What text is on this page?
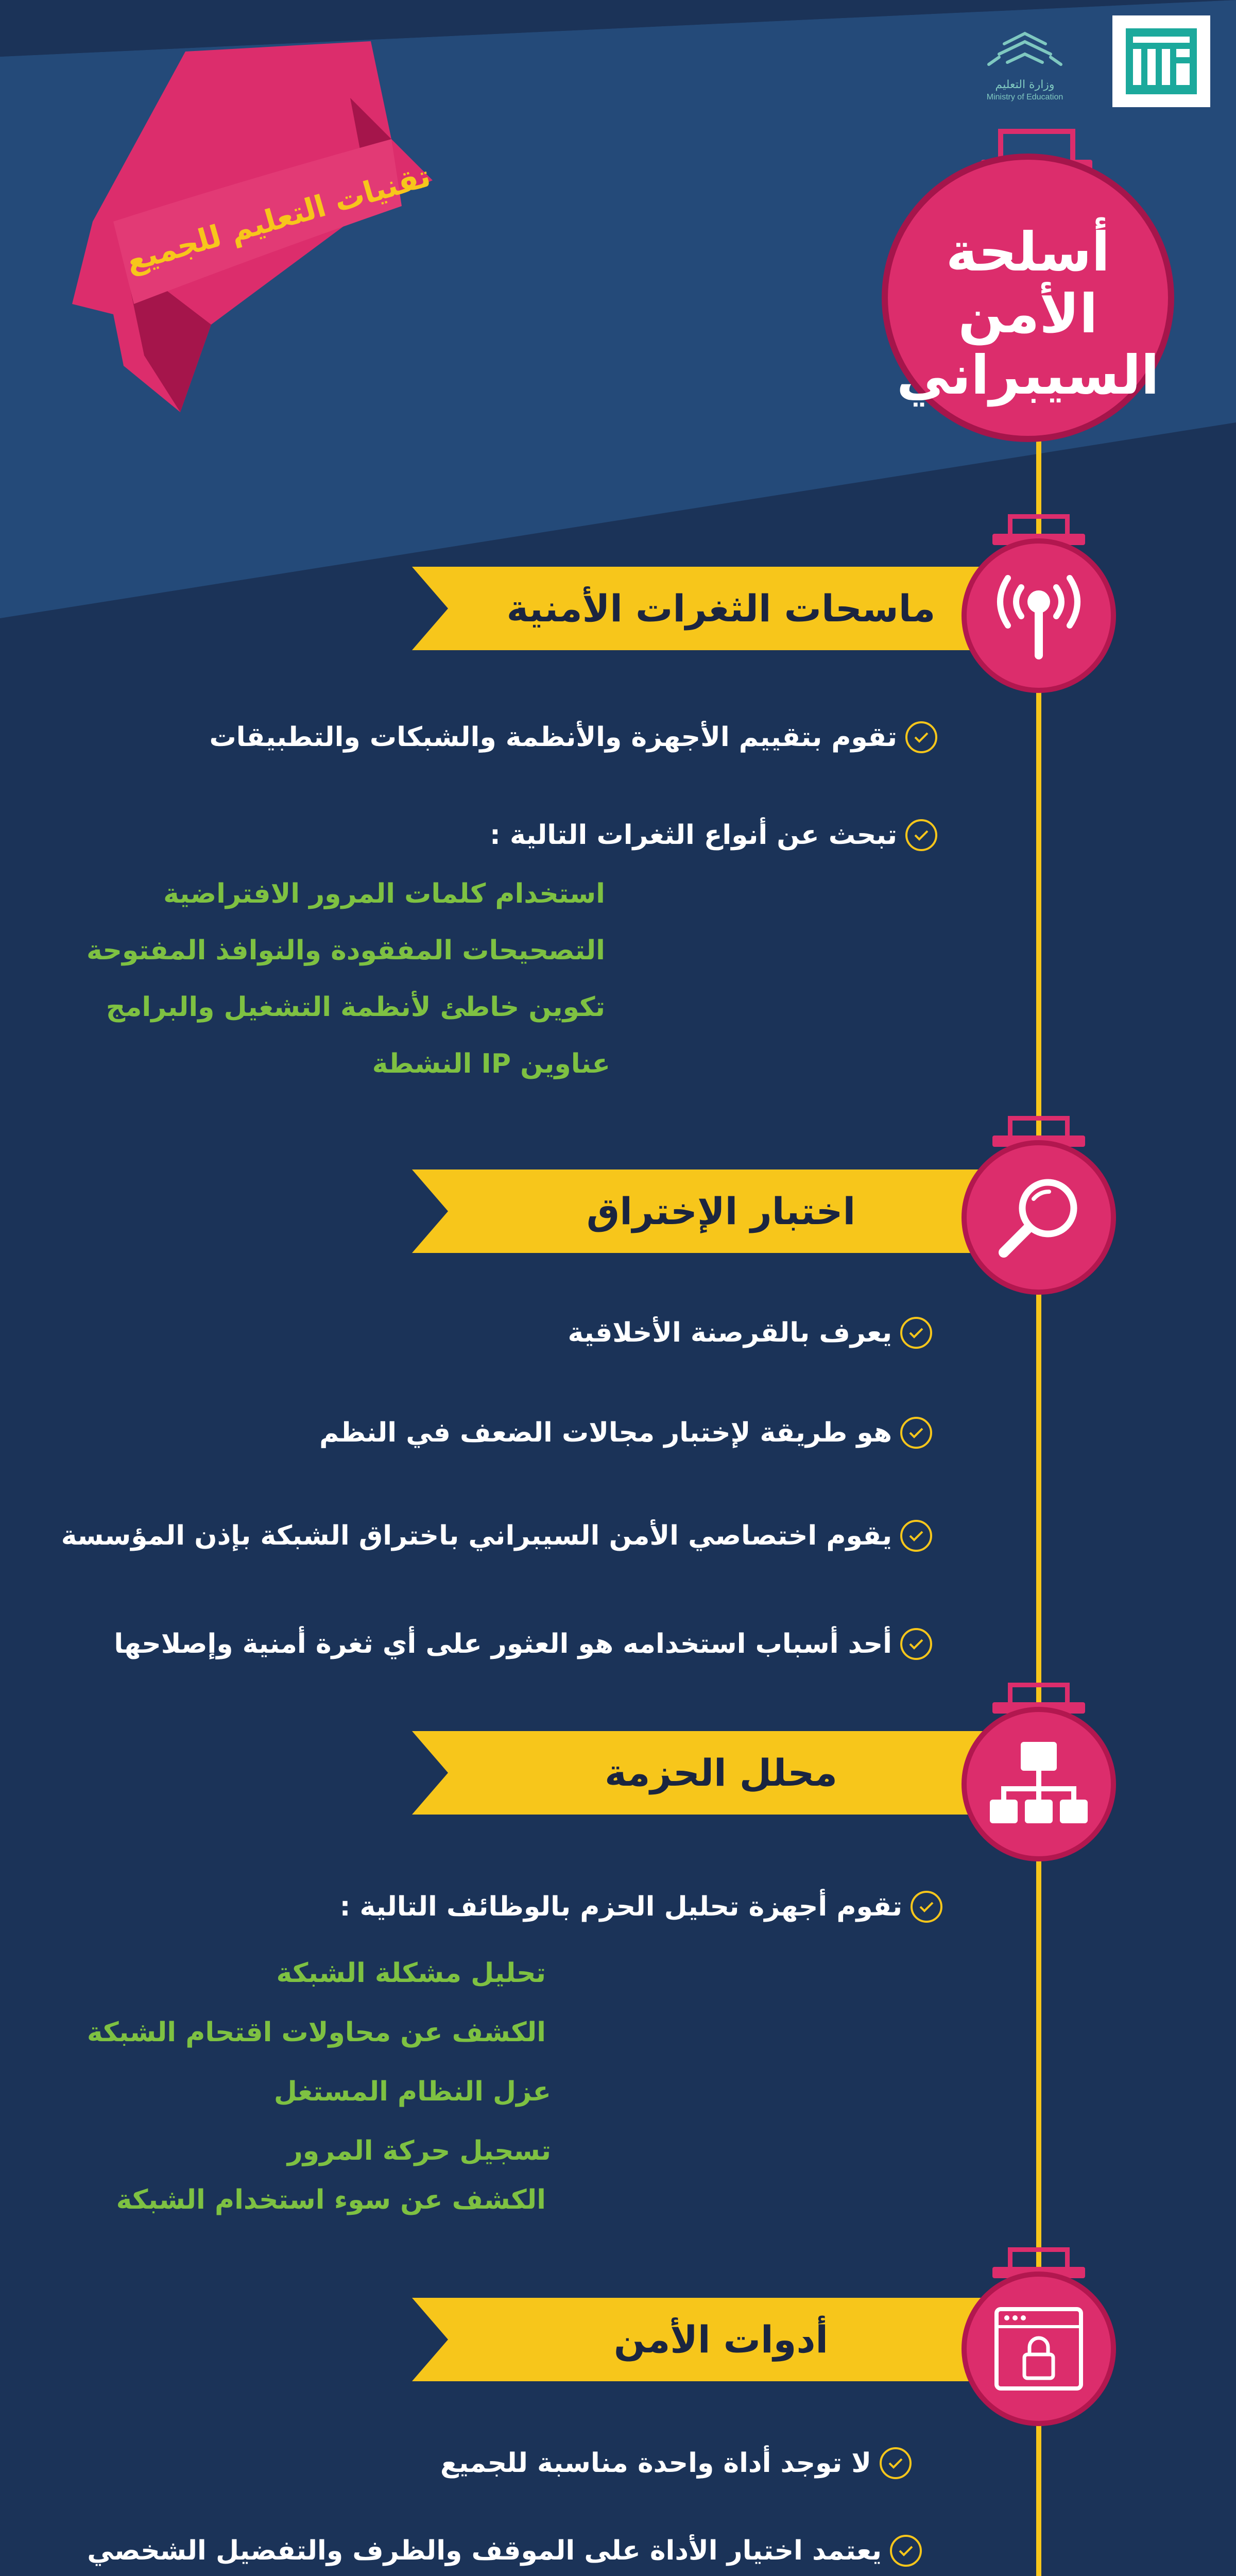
وزارة التعليم
Ministry of Education
تقنيات التعليم للجميع	أسلحة الأمن
السيبراني
ماسحات الثغرات الأمنية
تقوم بتقييم الأجهزة والأنظمة والشبكات والتطبيقات
تبحث عن أنواع الثغرات التالية :
استخدام كلمات المرور الافتراضية
التصحيحات المفقودة والنوافذ المفتوحة
تكوين خاطئ لأنظمة التشغيل والبرامج
عناوين IP النشطة
اختبار الإختراق
يعرف بالقرصنة الأخلاقية
هو طريقة لإختبار مجالات الضعف في النظم
يقوم اختصاصي الأمن السيبراني باختراق الشبكة بإذن المؤسسة
أحد أسباب استخدامه هو العثور على أي ثغرة أمنية وإصلاحها
محلل الحزمة
تقوم أجهزة تحليل الحزم بالوظائف التالية :
تحليل مشكلة الشبكة
الكشف عن محاولات اقتحام الشبكة
عزل النظام المستغل
تسجيل حركة المرور
الكشف عن سوء استخدام الشبكة
أدوات الأمن
لا توجد أداة واحدة مناسبة للجميع
يعتمد اختيار الأداة على الموقف والظرف والتفضيل الشخصي
